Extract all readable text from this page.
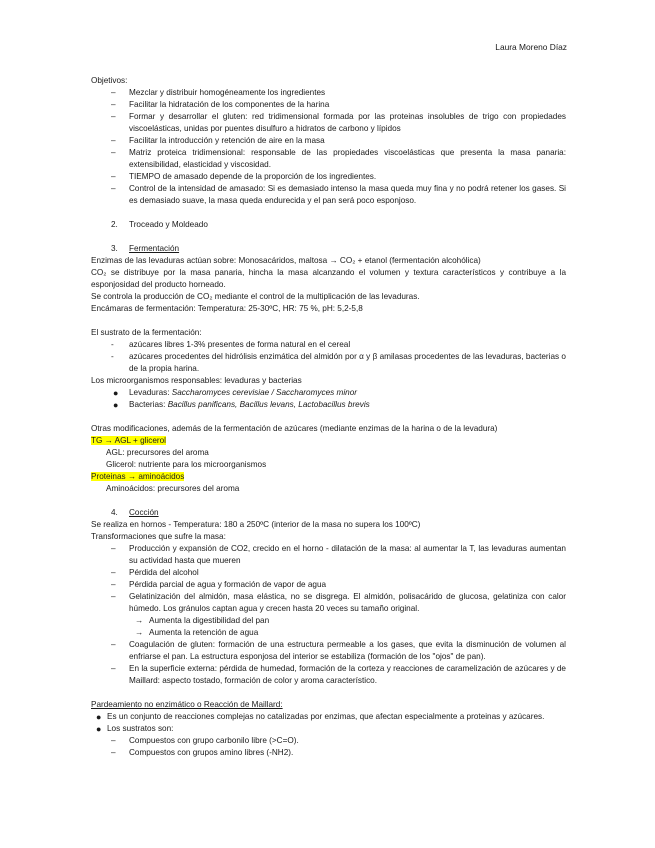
Laura Moreno Díaz

Objetivos:

– Mezclar y distribuir homogéneamente los ingredientes
– Facilitar la hidratación de los componentes de la harina
– Formar y desarrollar el gluten: red tridimensional formada por las proteinas insolubles de trigo con propiedades viscoelásticas, unidas por puentes disulfuro a hidratos de carbono y lípidos
– Facilitar la introducción y retención de aire en la masa
– Matriz proteica tridimensional: responsable de las propiedades viscoelásticas que presenta la masa panaria: extensibilidad, elasticidad y viscosidad.
– TIEMPO de amasado depende de la proporción de los ingredientes.
– Control de la intensidad de amasado: Si es demasiado intenso la masa queda muy fina y no podrá retener los gases. Si es demasiado suave, la masa queda endurecida y el pan será poco esponjoso.
2. Troceado y Moldeado
3. Fermentación

Enzimas de las levaduras actúan sobre: Monosacáridos, maltosa → CO₂ + etanol (fermentación alcohólica)

CO₂ se distribuye por la masa panaria, hincha la masa alcanzando el volumen y textura característicos y contribuye a la esponjosidad del producto horneado.

Se controla la producción de CO₂ mediante el control de la multiplicación de las levaduras.

Encámaras de fermentación: Temperatura: 25-30ºC, HR: 75 %, pH: 5,2-5,8

El sustrato de la fermentación:

- azúcares libres 1-3% presentes de forma natural en el cereal
- azúcares procedentes del hidrólisis enzimática del almidón por α y β amilasas procedentes de las levaduras, bacterias o de la propia harina.

Los microorganismos responsables: levaduras y bacterias

● Levaduras: Saccharomyces cerevisiae / Saccharomyces minor
● Bacterias: Bacillus panificans, Bacillus levans, Lactobacillus brevis

Otras modificaciones, además de la fermentación de azúcares (mediante enzimas de la harina o de la levadura)

TG → AGL + glicerol

AGL: precursores del aroma

Glicerol: nutriente para los microorganismos

Proteinas → aminoácidos

Aminoácidos: precursores del aroma

4. Cocción

Se realiza en hornos - Temperatura: 180 a 250ºC (interior de la masa no supera los 100ºC)

Transformaciones que sufre la masa:

– Producción y expansión de CO2, crecido en el horno - dilatación de la masa: al aumentar la T, las levaduras aumentan su actividad hasta que mueren
– Pérdida del alcohol
– Pérdida parcial de agua y formación de vapor de agua
– Gelatinización del almidón, masa elástica, no se disgrega. El almidón, polisacárido de glucosa, gelatiniza con calor húmedo. Los gránulos captan agua y crecen hasta 20 veces su tamaño original.
→ Aumenta la digestibilidad del pan
→ Aumenta la retención de agua
– Coagulación de gluten: formación de una estructura permeable a los gases, que evita la disminución de volumen al enfriarse el pan. La estructura esponjosa del interior se estabiliza (formación de los "ojos" de pan).
– En la superficie externa: pérdida de humedad, formación de la corteza y reacciones de caramelización de azúcares y de Maillard: aspecto tostado, formación de color y aroma característico.

Pardeamiento no enzimático o Reacción de Maillard:

● Es un conjunto de reacciones complejas no catalizadas por enzimas, que afectan especialmente a proteinas y azúcares.
● Los sustratos son:
– Compuestos con grupo carbonilo libre (>C=O).
– Compuestos con grupos amino libres (-NH2).
